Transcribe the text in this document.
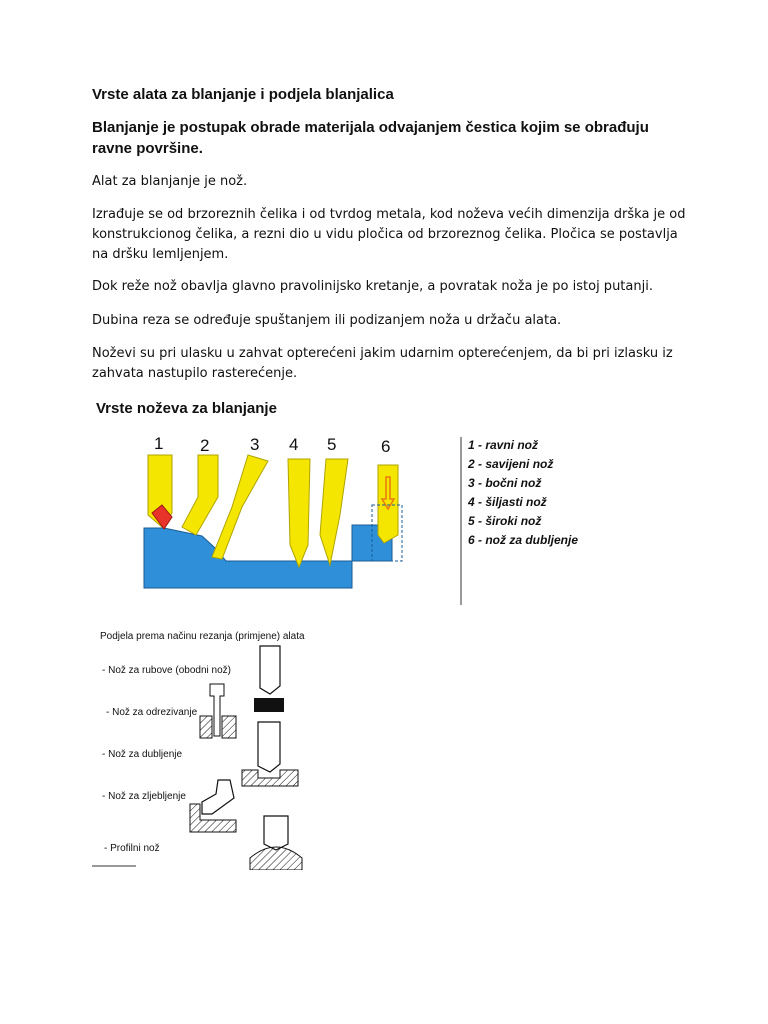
Vrste alata za blanjanje i podjela blanjalica
Blanjanje je postupak obrade materijala odvajanjem čestica kojim se obrađuju ravne površine.
Alat za blanjanje je nož.
Izrađuje se od brzoreznih čelika i od tvrdog metala, kod noževa većih dimenzija drška je od konstrukcionog čelika, a rezni dio u vidu pločica od brzoreznog čelika. Pločica se postavlja na dršku lemljenjem.
Dok reže nož obavlja glavno pravolinijsko kretanje, a povratak noža je po istoj putanji.
Dubina reza se određuje spuštanjem ili podizanjem noža u držaču alata.
Noževi su pri ulasku u zahvat opterećeni jakim udarnim opterećenjem, da bi pri izlasku iz zahvata nastupilo rasterećenje.
Vrste noževa za blanjanje
1 2 3 4 5	6	1 - ravni nož
2 - savijeni nož
3 - bočni nož
4 - šiljasti nož
5 - široki nož
6 - nož za dubljenje
Podjela prema načinu rezanja (primjene) alata
- Nož za rubove (obodni nož)
- Nož za odrezivanje
- Nož za dubljenje
- Nož za zljebljenje
- Profilni nož
